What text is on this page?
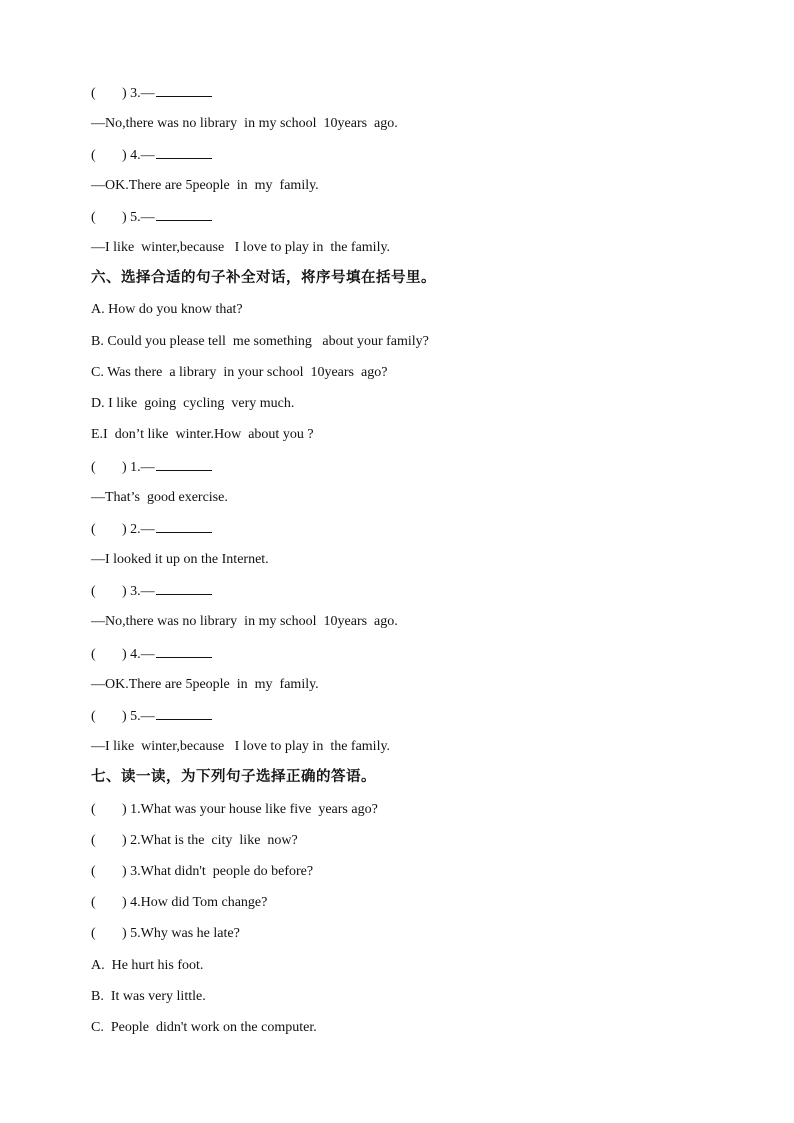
( ) 3.—

—No,there was no library  in my school  10years  ago.

( ) 4.—

—OK.There are 5people  in  my  family.

( ) 5.—

—I like  winter,because   I love to play in  the family.

六、选择合适的句子补全对话，将序号填在括号里。

A. How do you know that?

B. Could you please tell  me something   about your family?

C. Was there  a library  in your school  10years  ago?

D. I like  going  cycling  very much.

E.I  don’t like  winter.How  about you ?

( ) 1.—

—That’s  good exercise.

( ) 2.—

—I looked it up on the Internet.

( ) 3.—

—No,there was no library  in my school  10years  ago.

( ) 4.—

—OK.There are 5people  in  my  family.

( ) 5.—

—I like  winter,because   I love to play in  the family.

七、读一读，为下列句子选择正确的答语。

( ) 1.What was your house like five  years ago?

( ) 2.What is the  city  like  now?

( ) 3.What didn't  people do before?

( ) 4.How did Tom change?

( ) 5.Why was he late?

A.  He hurt his foot.

B.  It was very little.

C.  People  didn't work on the computer.
